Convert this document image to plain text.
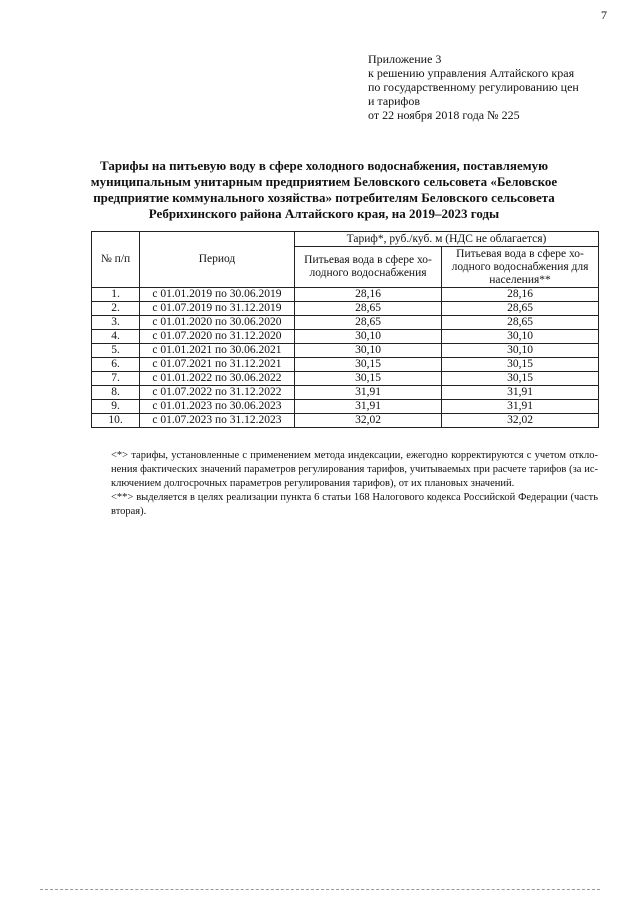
7
Приложение 3
к решению управления Алтайского края
по государственному регулированию цен
и тарифов
от 22 ноября 2018 года № 225
Тарифы на питьевую воду в сфере холодного водоснабжения, поставляемую
муниципальным унитарным предприятием Беловского сельсовета «Беловское
предприятие коммунального хозяйства» потребителям Беловского сельсовета
Ребрихинского района Алтайского края, на 2019–2023 годы
№ п/п	Период	Тариф*, руб./куб. м (НДС не облагается)	
		Питьевая вода в сфере хо-лодного водоснабжения	Питьевая вода в сфере хо-лодного водоснабжения для населения**
1.	с 01.01.2019 по 30.06.2019	28,16	28,16
2.	с 01.07.2019 по 31.12.2019	28,65	28,65
3.	с 01.01.2020 по 30.06.2020	28,65	28,65
4.	с 01.07.2020 по 31.12.2020	30,10	30,10
5.	с 01.01.2021 по 30.06.2021	30,10	30,10
6.	с 01.07.2021 по 31.12.2021	30,15	30,15
7.	с 01.01.2022 по 30.06.2022	30,15	30,15
8.	с 01.07.2022 по 31.12.2022	31,91	31,91
9.	с 01.01.2023 по 30.06.2023	31,91	31,91
10.	с 01.07.2023 по 31.12.2023	32,02	32,02

<*> тарифы, установленные с применением метода индексации, ежегодно корректируются с учетом откло-нения фактических значений параметров регулирования тарифов, учитываемых при расчете тарифов (за ис-ключением долгосрочных параметров регулирования тарифов), от их плановых значений.

<**> выделяется в целях реализации пункта 6 статьи 168 Налогового кодекса Российской Федерации (часть вторая).
